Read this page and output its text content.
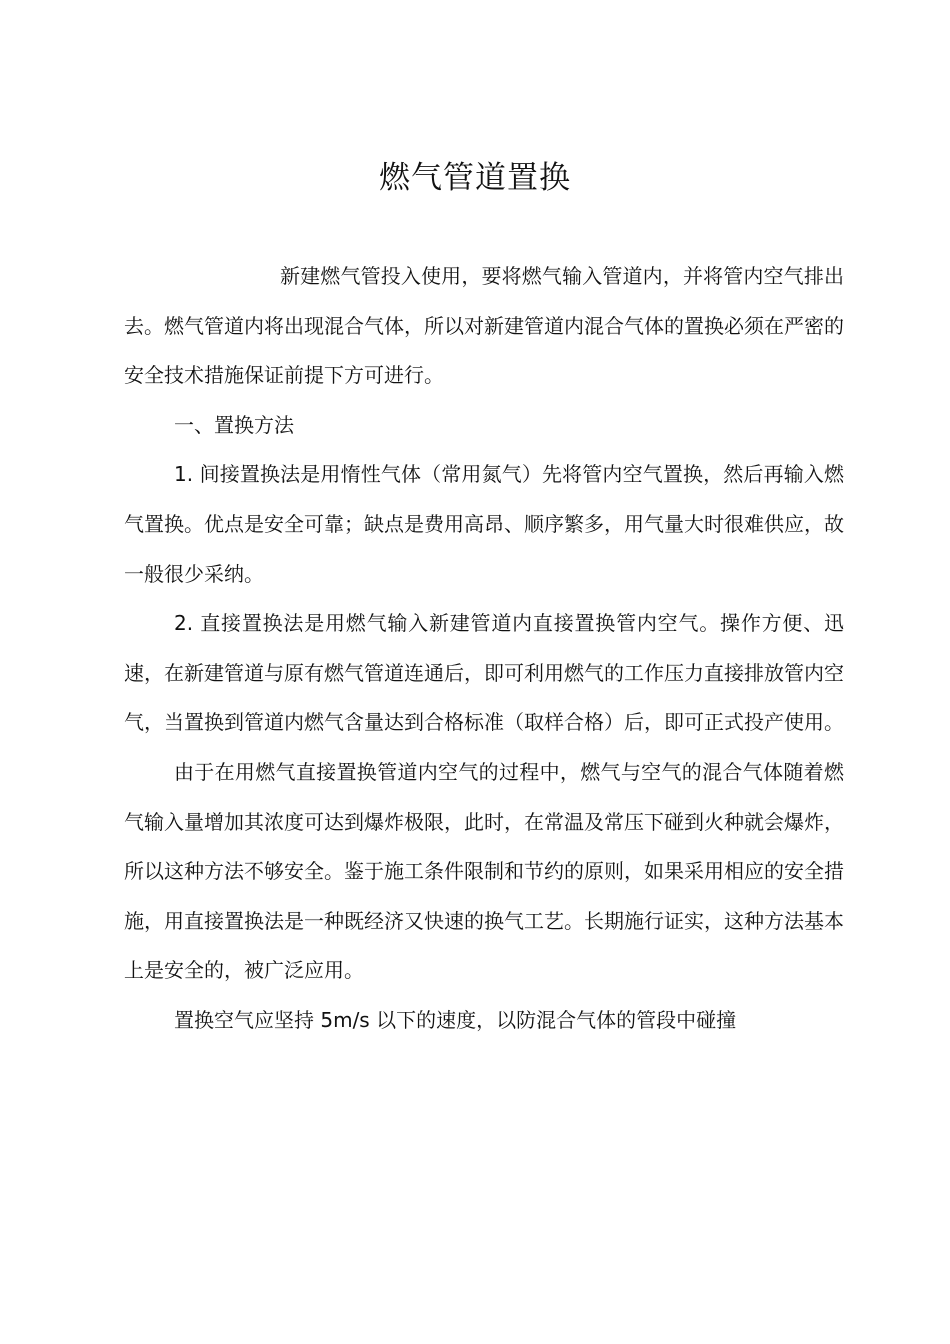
燃气管道置换

新建燃气管投入使用，要将燃气输入管道内，并将管内空气排出去。燃气管道内将出现混合气体，所以对新建管道内混合气体的置换必须在严密的安全技术措施保证前提下方可进行。

一、置换方法

1. 间接置换法是用惰性气体（常用氮气）先将管内空气置换，然后再输入燃气置换。优点是安全可靠；缺点是费用高昂、顺序繁多，用气量大时很难供应，故一般很少采纳。

2. 直接置换法是用燃气输入新建管道内直接置换管内空气。操作方便、迅速，在新建管道与原有燃气管道连通后，即可利用燃气的工作压力直接排放管内空气，当置换到管道内燃气含量达到合格标准（取样合格）后，即可正式投产使用。

由于在用燃气直接置换管道内空气的过程中，燃气与空气的混合气体随着燃气输入量增加其浓度可达到爆炸极限，此时，在常温及常压下碰到火种就会爆炸，所以这种方法不够安全。鉴于施工条件限制和节约的原则，如果采用相应的安全措施，用直接置换法是一种既经济又快速的换气工艺。长期施行证实，这种方法基本上是安全的，被广泛应用。

置换空气应坚持 5m/s 以下的速度，以防混合气体的管段中碰撞
